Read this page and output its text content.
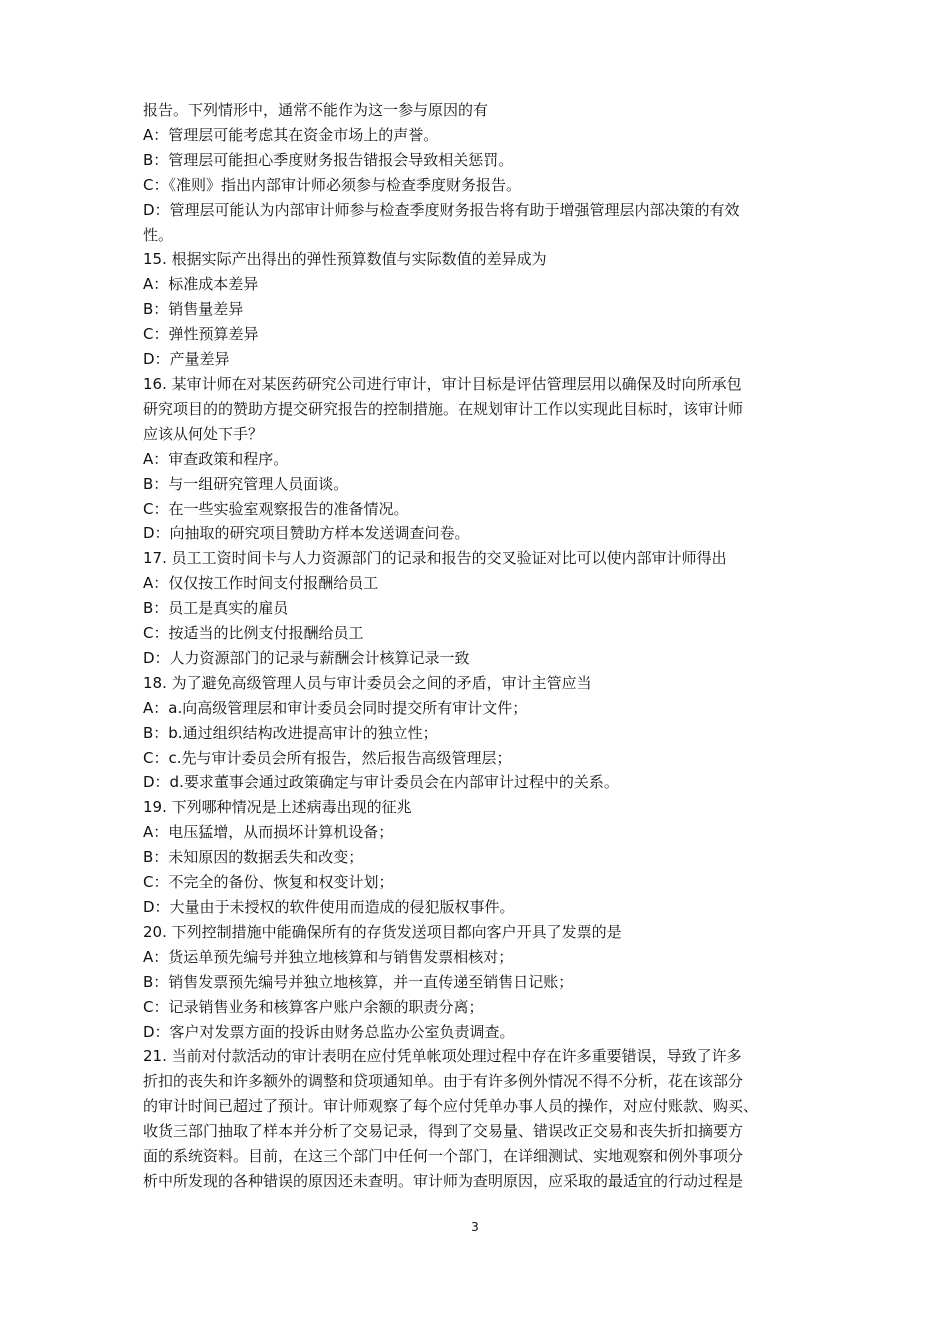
报告。下列情形中，通常不能作为这一参与原因的有
A：管理层可能考虑其在资金市场上的声誉。
B：管理层可能担心季度财务报告错报会导致相关惩罚。
C：《准则》指出内部审计师必须参与检查季度财务报告。
D：管理层可能认为内部审计师参与检查季度财务报告将有助于增强管理层内部决策的有效
性。
15. 根据实际产出得出的弹性预算数值与实际数值的差异成为
A：标准成本差异
B：销售量差异
C：弹性预算差异
D：产量差异
16. 某审计师在对某医药研究公司进行审计，审计目标是评估管理层用以确保及时向所承包
研究项目的的赞助方提交研究报告的控制措施。在规划审计工作以实现此目标时，该审计师
应该从何处下手？
A：审查政策和程序。
B：与一组研究管理人员面谈。
C：在一些实验室观察报告的准备情况。
D：向抽取的研究项目赞助方样本发送调查问卷。
17. 员工工资时间卡与人力资源部门的记录和报告的交叉验证对比可以使内部审计师得出
A：仅仅按工作时间支付报酬给员工
B：员工是真实的雇员
C：按适当的比例支付报酬给员工
D：人力资源部门的记录与薪酬会计核算记录一致
18. 为了避免高级管理人员与审计委员会之间的矛盾，审计主管应当
A：a.向高级管理层和审计委员会同时提交所有审计文件；
B：b.通过组织结构改进提高审计的独立性；
C：c.先与审计委员会所有报告，然后报告高级管理层；
D：d.要求董事会通过政策确定与审计委员会在内部审计过程中的关系。
19. 下列哪种情况是上述病毒出现的征兆
A：电压猛增，从而损坏计算机设备；
B：未知原因的数据丢失和改变；
C：不完全的备份、恢复和权变计划；
D：大量由于未授权的软件使用而造成的侵犯版权事件。
20. 下列控制措施中能确保所有的存货发送项目都向客户开具了发票的是
A：货运单预先编号并独立地核算和与销售发票相核对；
B：销售发票预先编号并独立地核算，并一直传递至销售日记账；
C：记录销售业务和核算客户账户余额的职责分离；
D：客户对发票方面的投诉由财务总监办公室负责调查。
21. 当前对付款活动的审计表明在应付凭单帐项处理过程中存在许多重要错误，导致了许多
折扣的丧失和许多额外的调整和贷项通知单。由于有许多例外情况不得不分析，花在该部分
的审计时间已超过了预计。审计师观察了每个应付凭单办事人员的操作，对应付账款、购买、
收货三部门抽取了样本并分析了交易记录，得到了交易量、错误改正交易和丧失折扣摘要方
面的系统资料。目前，在这三个部门中任何一个部门，在详细测试、实地观察和例外事项分
析中所发现的各种错误的原因还未查明。审计师为查明原因，应采取的最适宜的行动过程是
3
